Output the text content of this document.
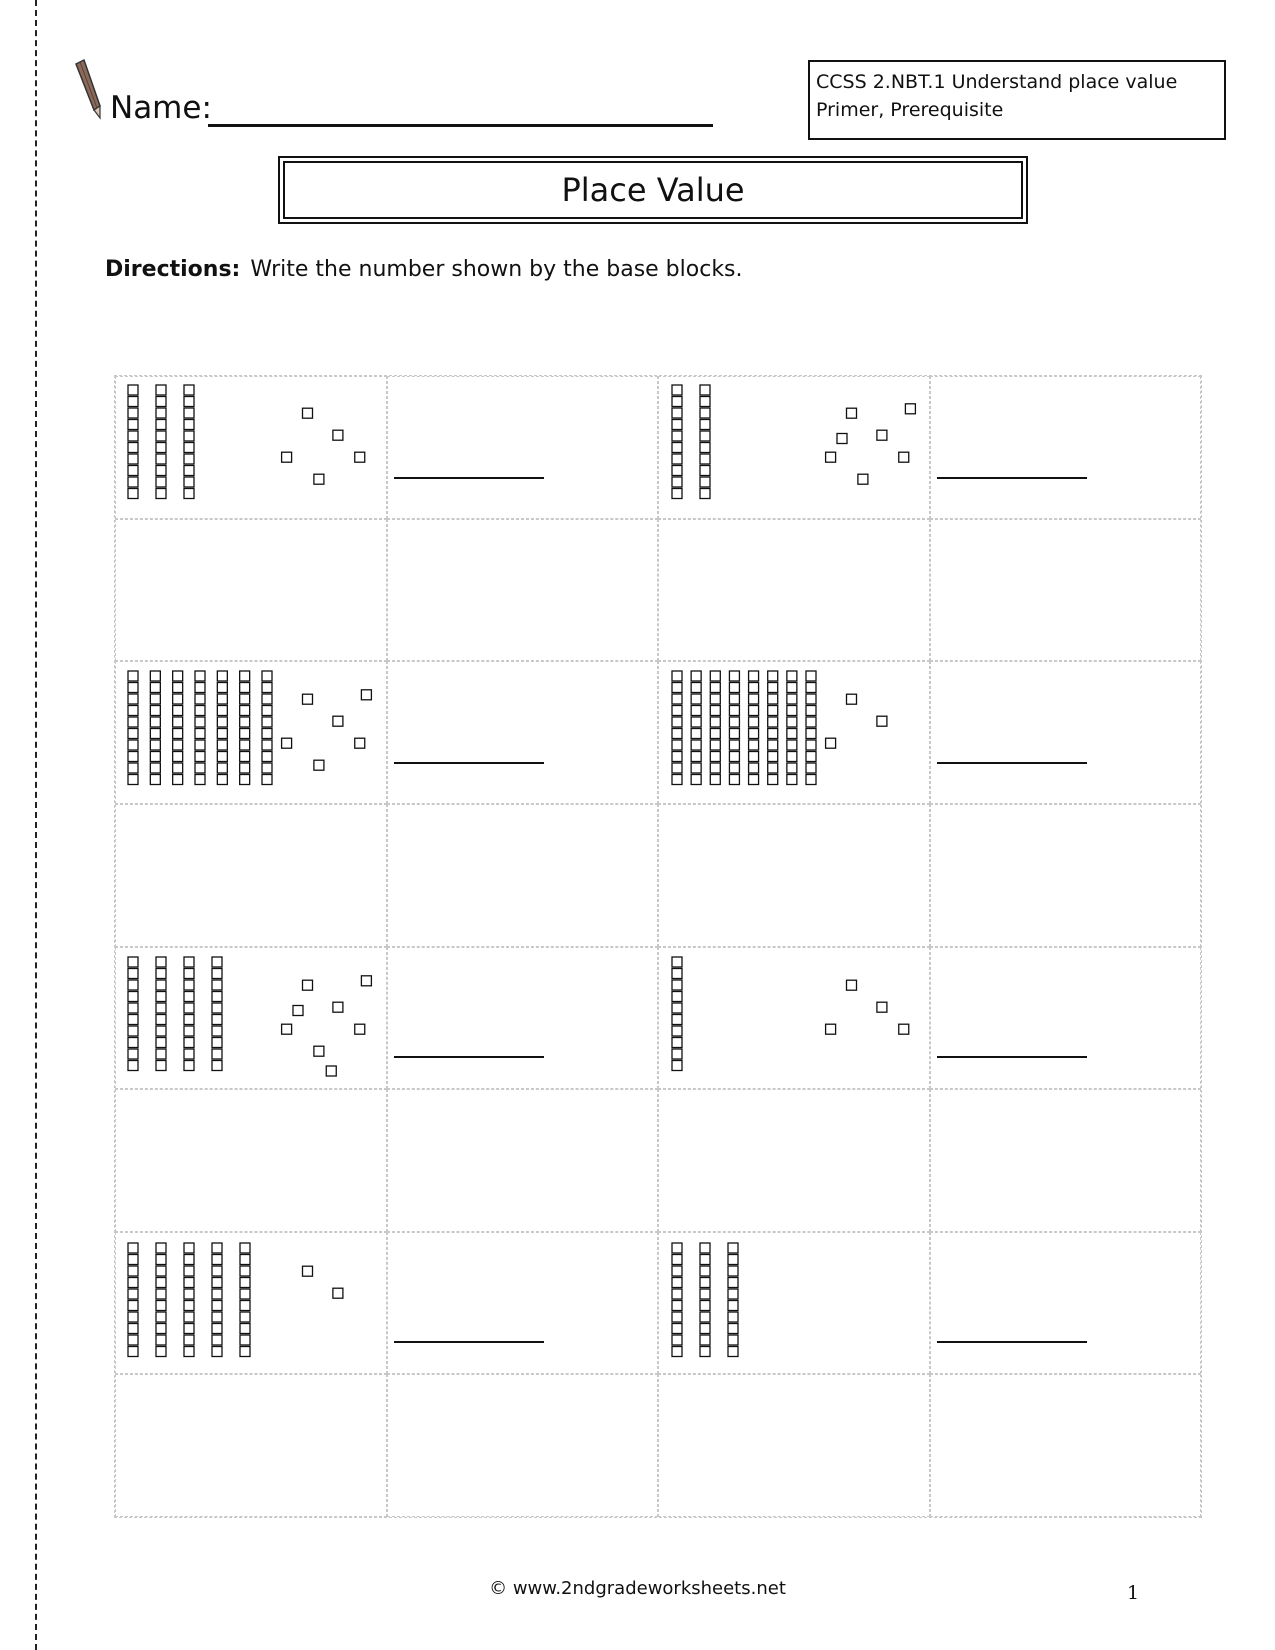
Name:
CCSS 2.NBT.1 Understand place value
Primer, Prerequisite
Place Value
Directions: Write the number shown by the base blocks.
© www.2ndgradeworksheets.net	1
